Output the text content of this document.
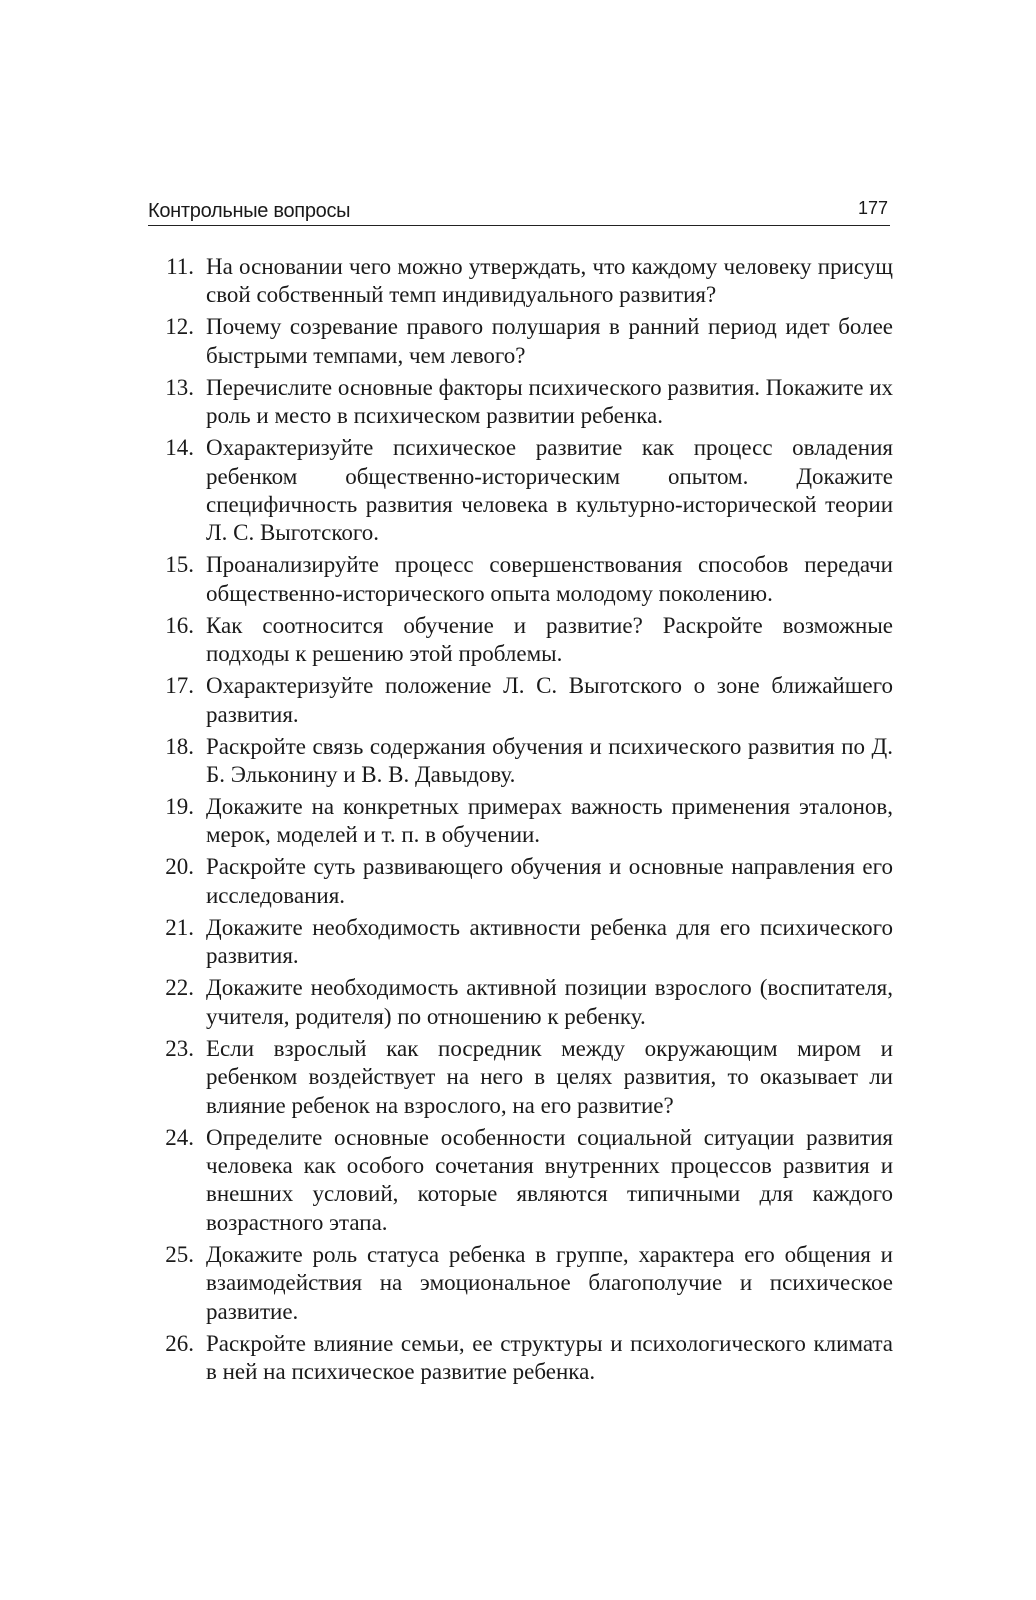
Контрольные вопросы	177
11. На основании чего можно утверждать, что каждому человеку присущ свой собственный темп индивидуального развития?
12. Почему созревание правого полушария в ранний период идет более быстрыми темпами, чем левого?
13. Перечислите основные факторы психического развития. Покажите их роль и место в психическом развитии ребенка.
14. Охарактеризуйте психическое развитие как процесс овладения ребенком общественно-историческим опытом. Докажите специфичность развития человека в культурно-исторической теории Л. С. Выготского.
15. Проанализируйте процесс совершенствования способов передачи общественно-исторического опыта молодому поколению.
16. Как соотносится обучение и развитие? Раскройте возможные подходы к решению этой проблемы.
17. Охарактеризуйте положение Л. С. Выготского о зоне ближайшего развития.
18. Раскройте связь содержания обучения и психического развития по Д. Б. Эльконину и В. В. Давыдову.
19. Докажите на конкретных примерах важность применения эталонов, мерок, моделей и т. п. в обучении.
20. Раскройте суть развивающего обучения и основные направления его исследования.
21. Докажите необходимость активности ребенка для его психического развития.
22. Докажите необходимость активной позиции взрослого (воспитателя, учителя, родителя) по отношению к ребенку.
23. Если взрослый как посредник между окружающим миром и ребенком воздействует на него в целях развития, то оказывает ли влияние ребенок на взрослого, на его развитие?
24. Определите основные особенности социальной ситуации развития человека как особого сочетания внутренних процессов развития и внешних условий, которые являются типичными для каждого возрастного этапа.
25. Докажите роль статуса ребенка в группе, характера его общения и взаимодействия на эмоциональное благополучие и психическое развитие.
26. Раскройте влияние семьи, ее структуры и психологического климата в ней на психическое развитие ребенка.
